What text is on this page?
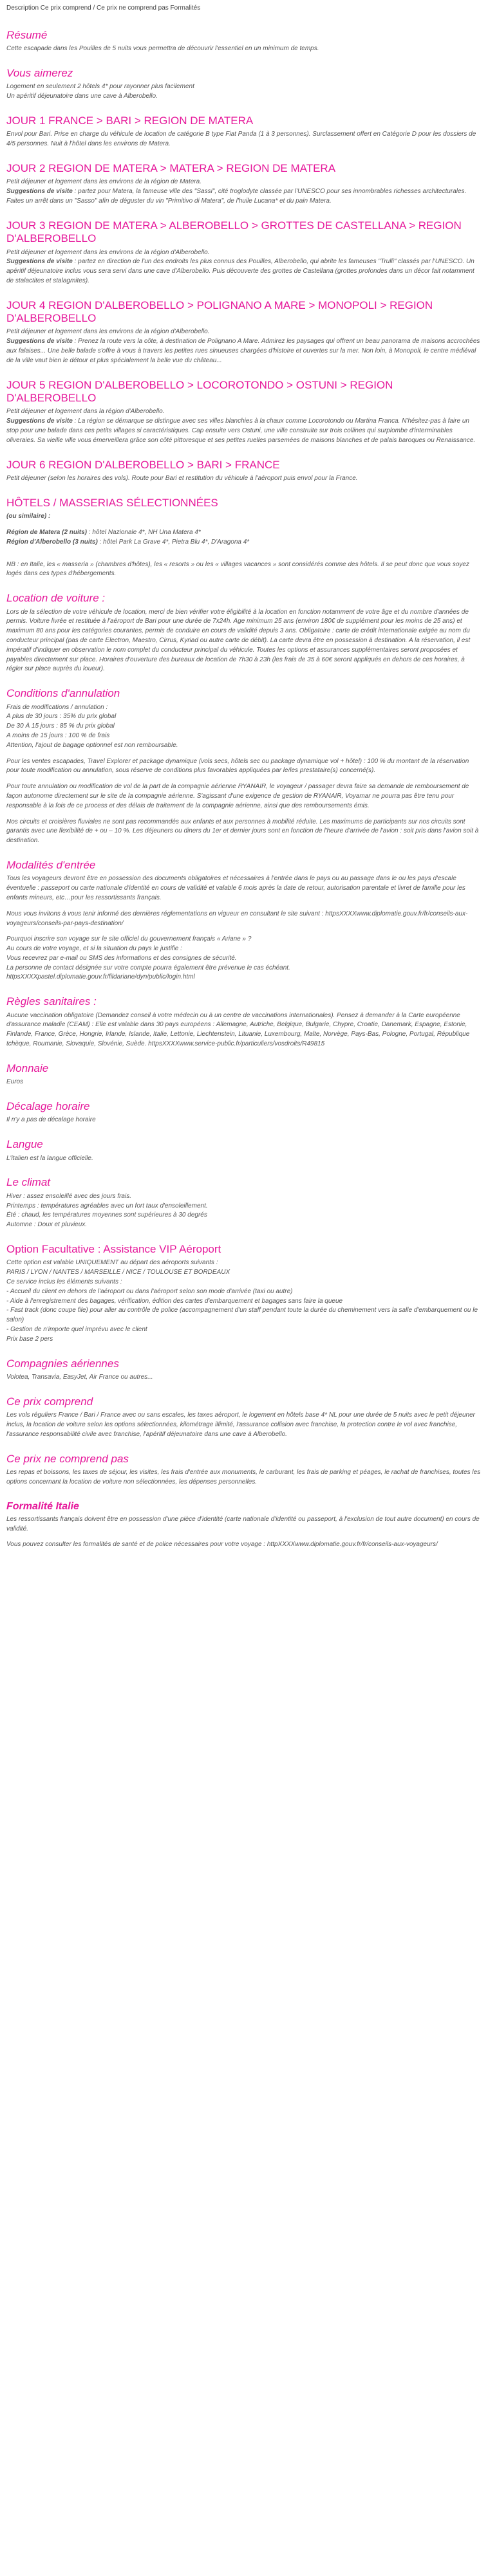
Description Ce prix comprend / Ce prix ne comprend pas Formalités

Résumé

Cette escapade dans les Pouilles de 5 nuits vous permettra de découvrir l'essentiel en un minimum de temps.

Vous aimerez

Logement en seulement 2 hôtels 4* pour rayonner plus facilement

Un apéritif déjeunatoire dans une cave à Alberobello.

JOUR 1 FRANCE > BARI > REGION DE MATERA

Envol pour Bari. Prise en charge du véhicule de location de catégorie B type Fiat Panda (1 à 3 personnes). Surclassement offert en Catégorie D pour les dossiers de 4/5 personnes. Nuit à l'hôtel dans les environs de Matera.

JOUR 2 REGION DE MATERA > MATERA > REGION DE MATERA

Petit déjeuner et logement dans les environs de la région de Matera.

Suggestions de visite : partez pour Matera, la fameuse ville des "Sassi", cité troglodyte classée par l'UNESCO pour ses innombrables richesses architecturales. Faites un arrêt dans un "Sasso" afin de déguster du vin "Primitivo di Matera", de l'huile Lucana* et du pain Matera.

JOUR 3 REGION DE MATERA > ALBEROBELLO > GROTTES DE CASTELLANA > REGION D'ALBEROBELLO

Petit déjeuner et logement dans les environs de la région d'Alberobello.

Suggestions de visite : partez en direction de l'un des endroits les plus connus des Pouilles, Alberobello, qui abrite les fameuses "Trulli" classés par l'UNESCO. Un apéritif déjeunatoire inclus vous sera servi dans une cave d'Alberobello. Puis découverte des grottes de Castellana (grottes profondes dans un décor fait notamment de stalactites et stalagmites).

JOUR 4 REGION D'ALBEROBELLO > POLIGNANO A MARE > MONOPOLI > REGION D'ALBEROBELLO

Petit déjeuner et logement dans les environs de la région d'Alberobello.

Suggestions de visite : Prenez la route vers la côte, à destination de Polignano A Mare. Admirez les paysages qui offrent un beau panorama de maisons accrochées aux falaises... Une belle balade s'offre à vous à travers les petites rues sinueuses chargées d'histoire et ouvertes sur la mer. Non loin, à Monopoli, le centre médiéval de la ville vaut bien le détour et plus spécialement la belle vue du château...

JOUR 5 REGION D'ALBEROBELLO > LOCOROTONDO > OSTUNI > REGION D'ALBEROBELLO

Petit déjeuner et logement dans la région d'Alberobello.

Suggestions de visite : La région se démarque se distingue avec ses villes blanchies à la chaux comme Locorotondo ou Martina Franca. N'hésitez-pas à faire un stop pour une balade dans ces petits villages si caractéristiques. Cap ensuite vers Ostuni, une ville construite sur trois collines qui surplombe d'interminables oliveraies. Sa vieille ville vous émerveillera grâce son côté pittoresque et ses petites ruelles parsemées de maisons blanches et de palais baroques ou Renaissance.

JOUR 6 REGION D'ALBEROBELLO > BARI > FRANCE

Petit déjeuner (selon les horaires des vols). Route pour Bari et restitution du véhicule à l'aéroport puis envol pour la France.

HÔTELS / MASSERIAS SÉLECTIONNÉES

(ou similaire) :

Région de Matera (2 nuits) : hôtel Nazionale 4*, NH Una Matera 4*

Région d'Alberobello (3 nuits) : hôtel Park La Grave 4*, Pietra Blu 4*, D'Aragona 4*

NB : en Italie, les « masseria » (chambres d'hôtes), les « resorts » ou les « villages vacances » sont considérés comme des hôtels. Il se peut donc que vous soyez logés dans ces types d'hébergements.

Location de voiture :

Lors de la sélection de votre véhicule de location, merci de bien vérifier votre éligibilité à la location en fonction notamment de votre âge et du nombre d'années de permis. Voiture livrée et restituée à l'aéroport de Bari pour une durée de 7x24h. Age minimum 25 ans (environ 180€ de supplément pour les moins de 25 ans) et maximum 80 ans pour les catégories courantes, permis de conduire en cours de validité depuis 3 ans. Obligatoire : carte de crédit internationale exigée au nom du conducteur principal (pas de carte Electron, Maestro, Cirrus, Kyriad ou autre carte de débit). La carte devra être en possession à destination. A la réservation, il est impératif d'indiquer en observation le nom complet du conducteur principal du véhicule. Toutes les options et assurances supplémentaires seront proposées et payables directement sur place. Horaires d'ouverture des bureaux de location de 7h30 à 23h (les frais de 35 à 60€ seront appliqués en dehors de ces horaires, à régler sur place auprès du loueur).

Conditions d'annulation

Frais de modifications / annulation :

A plus de 30 jours : 35% du prix global

De 30 À 15 jours : 85 % du prix global

A moins de 15 jours : 100 % de frais

Attention, l'ajout de bagage optionnel est non remboursable.

Pour les ventes escapades, Travel Explorer et package dynamique (vols secs, hôtels sec ou package dynamique vol + hôtel) : 100 % du montant de la réservation pour toute modification ou annulation, sous réserve de conditions plus favorables appliquées par le/les prestataire(s) concerné(s).

Pour toute annulation ou modification de vol de la part de la compagnie aérienne RYANAIR, le voyageur / passager devra faire sa demande de remboursement de façon autonome directement sur le site de la compagnie aérienne. S'agissant d'une exigence de gestion de RYANAIR, Voyamar ne pourra pas être tenu pour responsable à la fois de ce process et des délais de traitement de la compagnie aérienne, ainsi que des remboursements émis.

Nos circuits et croisières fluviales ne sont pas recommandés aux enfants et aux personnes à mobilité réduite. Les maximums de participants sur nos circuits sont garantis avec une flexibilité de + ou – 10 %. Les déjeuners ou diners du 1er et dernier jours sont en fonction de l'heure d'arrivée de l'avion : soit pris dans l'avion soit à destination.

Modalités d'entrée

Tous les voyageurs devront être en possession des documents obligatoires et nécessaires à l'entrée dans le pays ou au passage dans le ou les pays d'escale éventuelle : passeport ou carte nationale d'identité en cours de validité et valable 6 mois après la date de retour, autorisation parentale et livret de famille pour les enfants mineurs, etc…pour les ressortissants français.

Nous vous invitons à vous tenir informé des dernières réglementations en vigueur en consultant le site suivant : httpsXXXXwww.diplomatie.gouv.fr/fr/conseils-aux-voyageurs/conseils-par-pays-destination/

Pourquoi inscrire son voyage sur le site officiel du gouvernement français « Ariane » ?

Au cours de votre voyage, et si la situation du pays le justifie :

Vous recevrez par e-mail ou SMS des informations et des consignes de sécurité.

La personne de contact désignée sur votre compte pourra également être prévenue le cas échéant.

httpsXXXXpastel.diplomatie.gouv.fr/fildariane/dyn/public/login.html

Règles sanitaires :

Aucune vaccination obligatoire (Demandez conseil à votre médecin ou à un centre de vaccinations internationales). Pensez à demander à la Carte européenne d'assurance maladie (CEAM) : Elle est valable dans 30 pays européens : Allemagne, Autriche, Belgique, Bulgarie, Chypre, Croatie, Danemark, Espagne, Estonie, Finlande, France, Grèce, Hongrie, Irlande, Islande, Italie, Lettonie, Liechtenstein, Lituanie, Luxembourg, Malte, Norvège, Pays-Bas, Pologne, Portugal, République tchèque, Roumanie, Slovaquie, Slovénie, Suède. httpsXXXXwww.service-public.fr/particuliers/vosdroits/R49815

Monnaie

Euros

Décalage horaire

Il n'y a pas de décalage horaire

Langue

L'italien est la langue officielle.

Le climat

Hiver : assez ensoleillé avec des jours frais.

Printemps : températures agréables avec un fort taux d'ensoleillement.

Été : chaud, les températures moyennes sont supérieures à 30 degrés

Automne : Doux et pluvieux.

Option Facultative : Assistance VIP Aéroport

Cette option est valable UNIQUEMENT au départ des aéroports suivants :

PARIS / LYON / NANTES / MARSEILLE / NICE / TOULOUSE ET BORDEAUX

Ce service inclus les éléments suivants :

- Accueil du client en dehors de l'aéroport ou dans l'aéroport selon son mode d'arrivée (taxi ou autre)

- Aide à l'enregistrement des bagages, vérification, édition des cartes d'embarquement et bagages sans faire la queue

- Fast track (donc coupe file) pour aller au contrôle de police (accompagnement d'un staff pendant toute la durée du cheminement vers la salle d'embarquement ou le salon)

- Gestion de n'importe quel imprévu avec le client

Prix base 2 pers

Compagnies aériennes

Volotea, Transavia, EasyJet, Air France ou autres...

Ce prix comprend

Les vols réguliers France / Bari / France avec ou sans escales, les taxes aéroport, le logement en hôtels base 4* NL pour une durée de 5 nuits avec le petit déjeuner inclus, la location de voiture selon les options sélectionnées, kilométrage illimité, l'assurance collision avec franchise, la protection contre le vol avec franchise, l'assurance responsabilité civile avec franchise, l'apéritif déjeunatoire dans une cave à Alberobello.

Ce prix ne comprend pas

Les repas et boissons, les taxes de séjour, les visites, les frais d'entrée aux monuments, le carburant, les frais de parking et péages, le rachat de franchises, toutes les options concernant la location de voiture non sélectionnées, les dépenses personnelles.

Formalité Italie

Les ressortissants français doivent être en possession d'une pièce d'identité (carte nationale d'identité ou passeport, à l'exclusion de tout autre document) en cours de validité.

Vous pouvez consulter les formalités de santé et de police nécessaires pour votre voyage : httpXXXXwww.diplomatie.gouv.fr/fr/conseils-aux-voyageurs/
